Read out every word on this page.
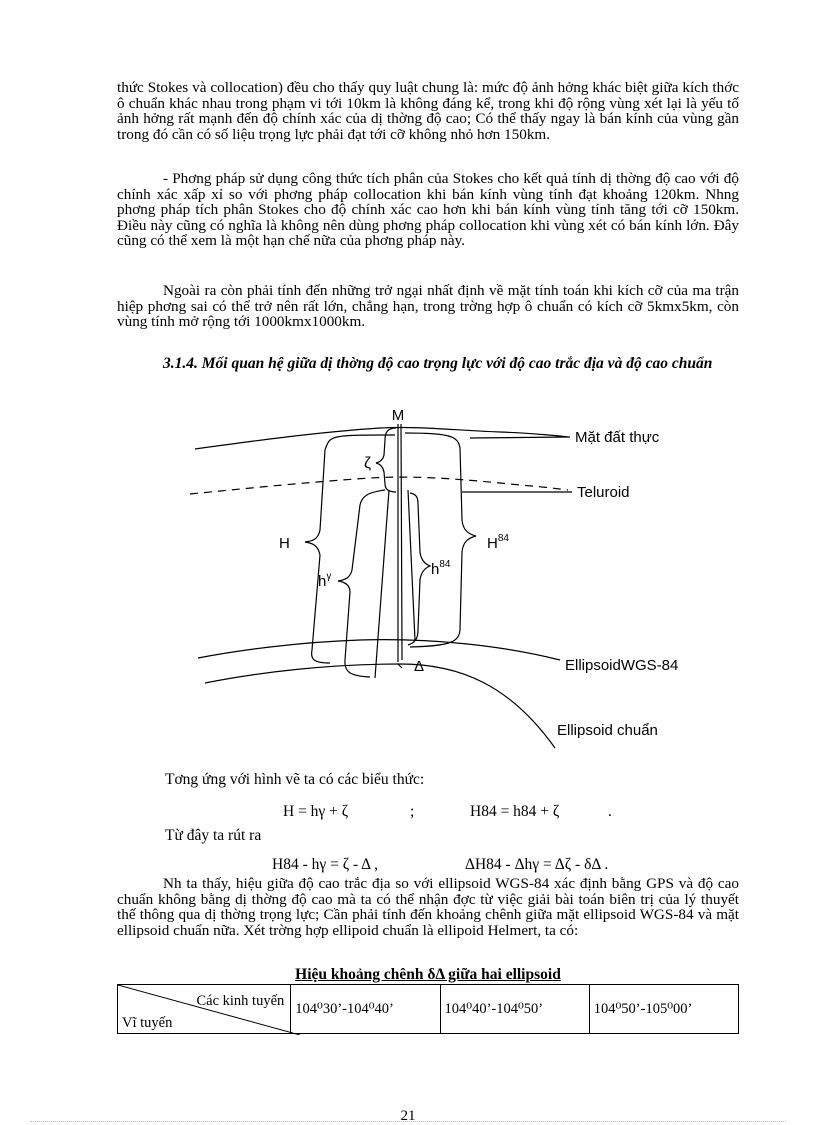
thức Stokes và collocation) đều cho thấy quy luật chung là: mức độ ảnh hởng khác biệt giữa kích thớc ô chuẩn khác nhau trong phạm vi tới 10km là không đáng kể, trong khi độ rộng vùng xét lại là yếu tố ảnh hởng rất mạnh đến độ chính xác của dị thờng độ cao; Có thể thấy ngay là bán kính của vùng gần trong đó cần có số liệu trọng lực phải đạt tới cỡ không nhỏ hơn 150km.

- Phơng pháp sử dụng công thức tích phân của Stokes cho kết quả tính dị thờng độ cao với độ chính xác xấp xỉ so với phơng pháp collocation khi bán kính vùng tính đạt khoảng 120km. Nhng phơng pháp tích phân Stokes cho độ chính xác cao hơn khi bán kính vùng tính tăng tới cỡ 150km. Điều này cũng có nghĩa là không nên dùng phơng pháp collocation khi vùng xét có bán kính lớn. Đây cũng có thể xem là một hạn chế nữa của phơng pháp này.

Ngoài ra còn phải tính đến những trở ngại nhất định về mặt tính toán khi kích cỡ của ma trận hiệp phơng sai có thể trở nên rất lớn, chẳng hạn, trong trờng hợp ô chuẩn có kích cỡ 5kmx5km, còn vùng tính mở rộng tới 1000kmx1000km.

3.1.4. Mối quan hệ giữa dị thờng độ cao trọng lực với độ cao trắc địa và độ cao chuẩn

M
Mặt đất thực
Teluroid
EllipsoidWGS-84
Ellipsoid chuẩn
ζ
H	$H^{84}$
$h^\gamma$	$h^{84}$
Δ
Tơng ứng với hình vẽ ta có các biểu thức:
H = hγ + ζ	;	H84 = h84 + ζ	.
Từ đây ta rút ra
H84 - hγ = ζ - Δ ,	ΔH84 - Δhγ = Δζ - δΔ .

Nh ta thấy, hiệu giữa độ cao trắc địa so với ellipsoid WGS-84 xác định bằng GPS và độ cao chuẩn không bằng dị thờng độ cao mà ta có thể nhận đợc từ việc giải bài toán biên trị của lý thuyết thế thông qua dị thờng trọng lực; Cần phải tính đến khoảng chênh giữa mặt ellipsoid WGS-84 và mặt ellipsoid chuẩn nữa. Xét trờng hợp ellipoid chuẩn là ellipoid Helmert, ta có:

Hiệu khoảng chênh δΔ giữa hai ellipsoid
Các kinh tuyến
Vĩ tuyến
	104⁰30’-104⁰40’	104⁰40’-104⁰50’	104⁰50’-105⁰00’
21
